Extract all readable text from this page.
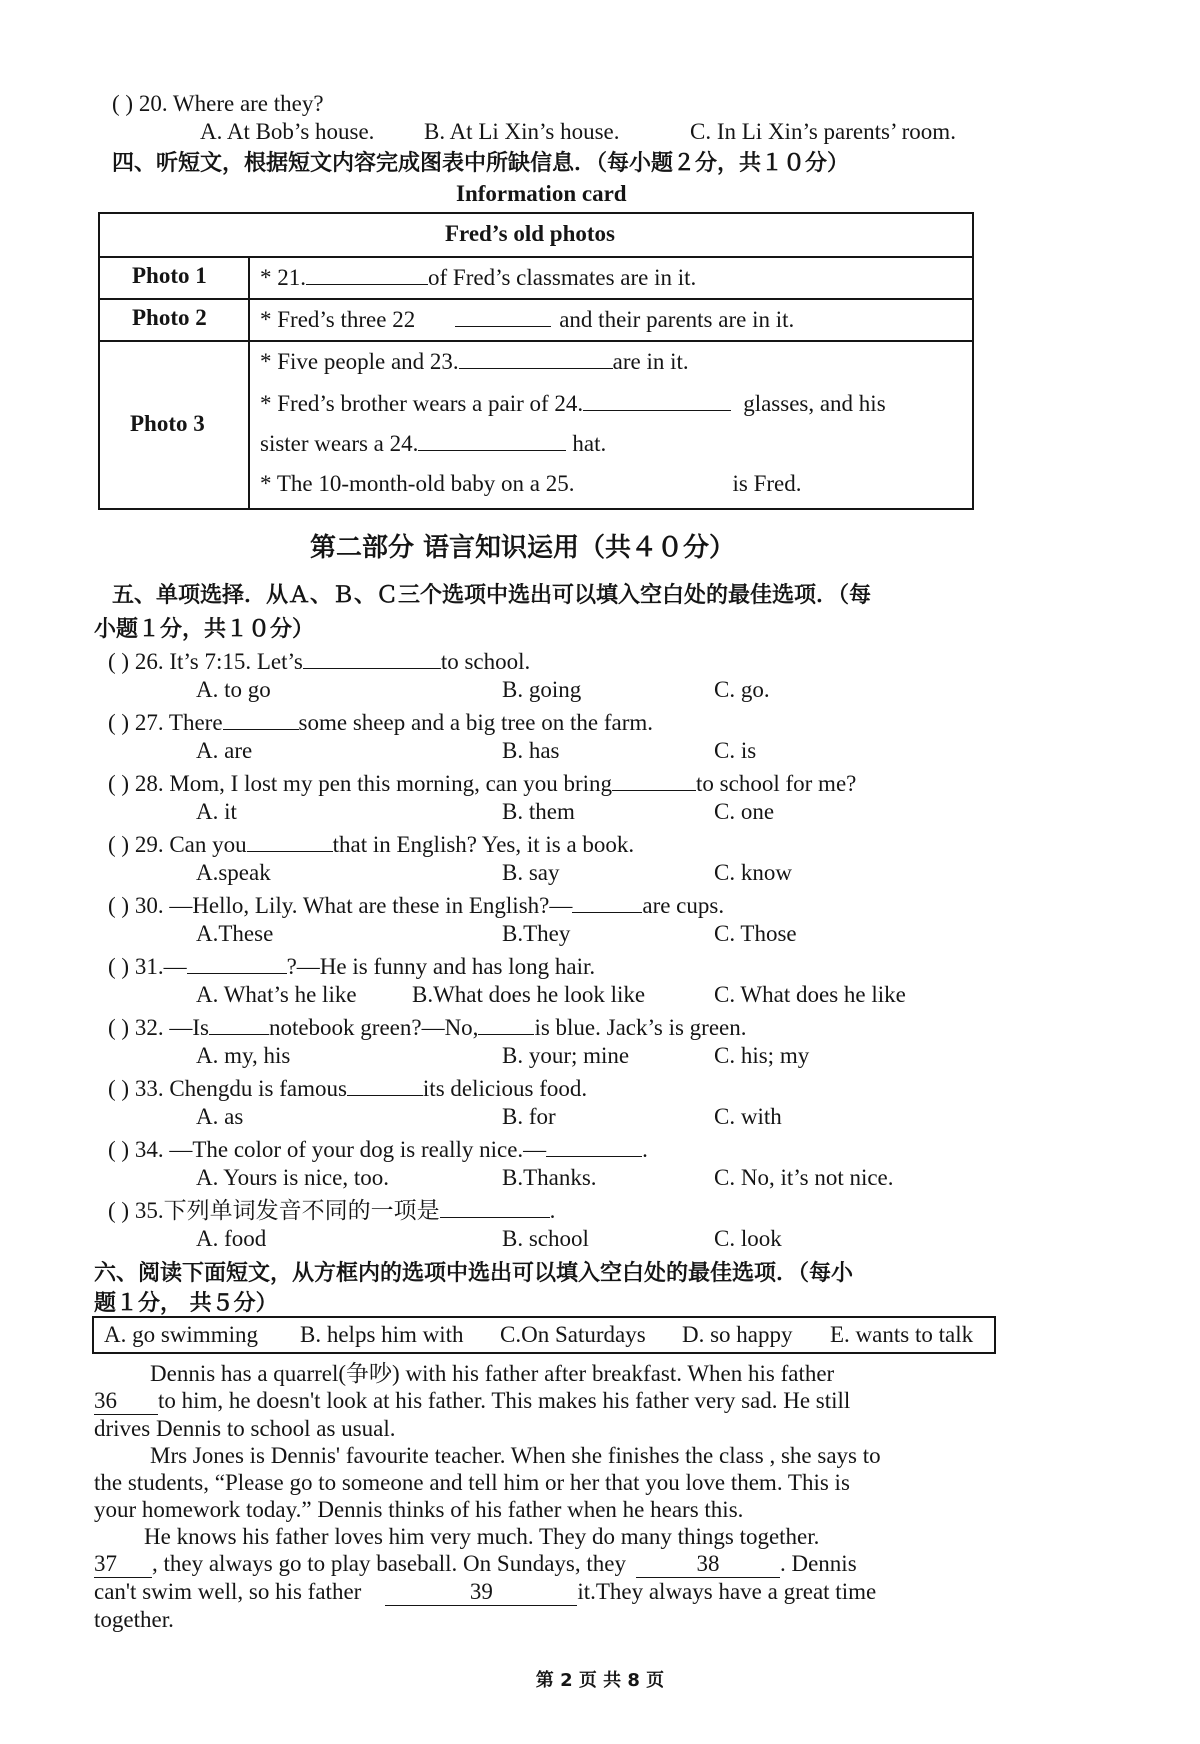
( ) 20. Where are they?
A. At Bob’s house. B. At Li Xin’s house.	C. In Li Xin’s parents’ room.
四、听短文，根据短文内容完成图表中所缺信息．（每小题２分，共１０分）
Information card
Fred’s old photos
Photo 1 * 21.	of Fred’s classmates are in it.
Photo 2 * Fred’s three 22	and their parents are in it.
Photo 3
* Five people and 23.	are in it.
* Fred’s brother wears a pair of 24.	glasses, and his
sister wears a 24.	hat.
* The 10-month-old baby on a 25.	is Fred.
第二部分 语言知识运用（共４０分）
五、单项选择．从Ａ、Ｂ、Ｃ三个选项中选出可以填入空白处的最佳选项．（每
小题１分，共１０分）
( ) 26. It’s 7:15. Let’s	to school.
A. to go	B. going	C. go.
( ) 27. There	some sheep and a big tree on the farm.
A. are	B. has	C. is
( ) 28. Mom, I lost my pen this morning, can you bring	to school for me?
A. it	B. them	C. one
( ) 29. Can you	that in English? Yes, it is a book.
A.speak	B. say	C. know
( ) 30. —Hello, Lily. What are these in English?—	are cups.
A.These	B.They	C. Those
( ) 31.—	?—He is funny and has long hair.
A. What’s he like B.What does he look like	C. What does he like
( ) 32. —Is	notebook green?—No, is blue. Jack’s is green.
A. my, his	B. your; mine	C. his; my
( ) 33. Chengdu is famous	its delicious food.
A. as	B. for	C. with
( ) 34. —The color of your dog is really nice.—	.
A. Yours is nice, too.	B.Thanks.	C. No, it’s not nice.
( ) 35.下列单词发音不同的一项是	.
A. food	B. school	C. look
六、阅读下面短文，从方框内的选项中选出可以填入空白处的最佳选项．（每小
题１分， 共５分）
A. go swimming B. helps him with C.On Saturdays D. so happy E. wants to talk

Dennis has a quarrel(争吵) with his father after breakfast. When his father

36 to him, he doesn't look at his father. This makes his father very sad. He still

drives Dennis to school as usual.

Mrs Jones is Dennis' favourite teacher. When she finishes the class , she says to

the students, “Please go to someone and tell him or her that you love them. This is

your homework today.” Dennis thinks of his father when he hears this.

He knows his father loves him very much. They do many things together.

37 , they always go to play baseball. On Sundays, they	38	. Dennis

can't swim well, so his father	39	it.They always have a great time

together.

第 2 页 共 8 页
